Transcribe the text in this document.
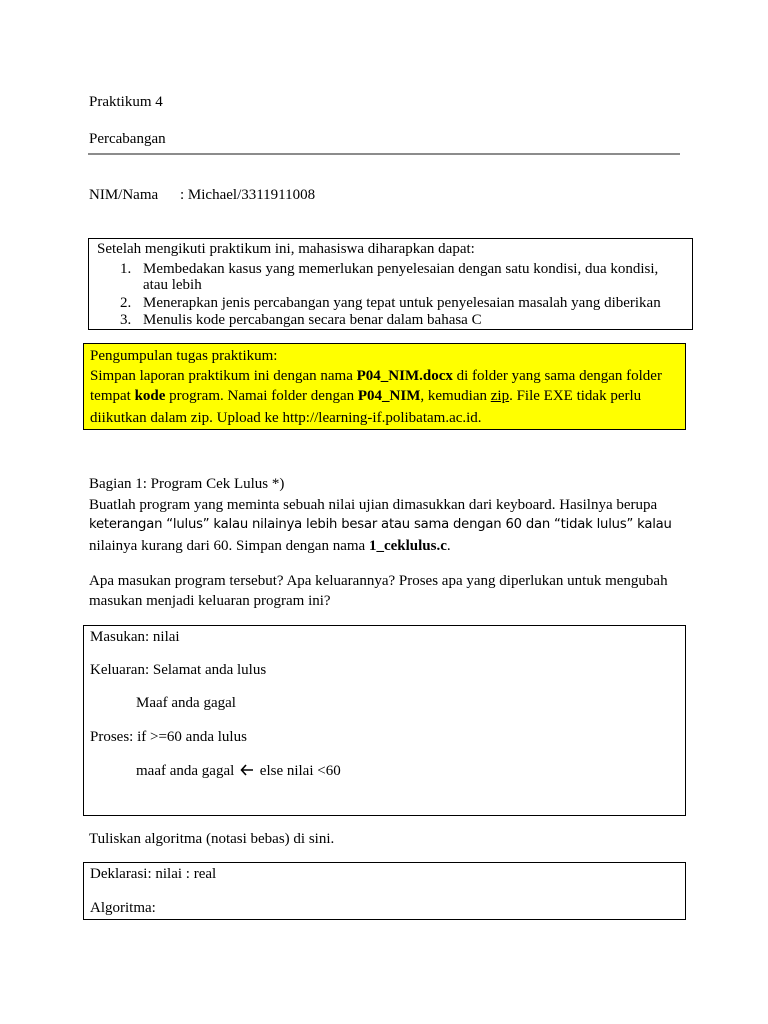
Praktikum 4
Percabangan
NIM/Nama : Michael/3311911008
Setelah mengikuti praktikum ini, mahasiswa diharapkan dapat:
1. Membedakan kasus yang memerlukan penyelesaian dengan satu kondisi, dua kondisi,
atau lebih
2. Menerapkan jenis percabangan yang tepat untuk penyelesaian masalah yang diberikan
3. Menulis kode percabangan secara benar dalam bahasa C
Pengumpulan tugas praktikum:
Simpan laporan praktikum ini dengan nama P04_NIM.docx di folder yang sama dengan folder
tempat kode program. Namai folder dengan P04_NIM, kemudian zip. File EXE tidak perlu
diikutkan dalam zip. Upload ke http://learning-if.polibatam.ac.id.
Bagian 1: Program Cek Lulus *)
Buatlah program yang meminta sebuah nilai ujian dimasukkan dari keyboard. Hasilnya berupa
keterangan “lulus” kalau nilainya lebih besar atau sama dengan 60 dan “tidak lulus” kalau
nilainya kurang dari 60. Simpan dengan nama 1_ceklulus.c.
Apa masukan program tersebut? Apa keluarannya? Proses apa yang diperlukan untuk mengubah
masukan menjadi keluaran program ini?
Masukan: nilai
Keluaran: Selamat anda lulus
Maaf anda gagal
Proses: if >=60 anda lulus
maaf anda gagal else nilai <60
Tuliskan algoritma (notasi bebas) di sini.
Deklarasi: nilai : real
Algoritma:
